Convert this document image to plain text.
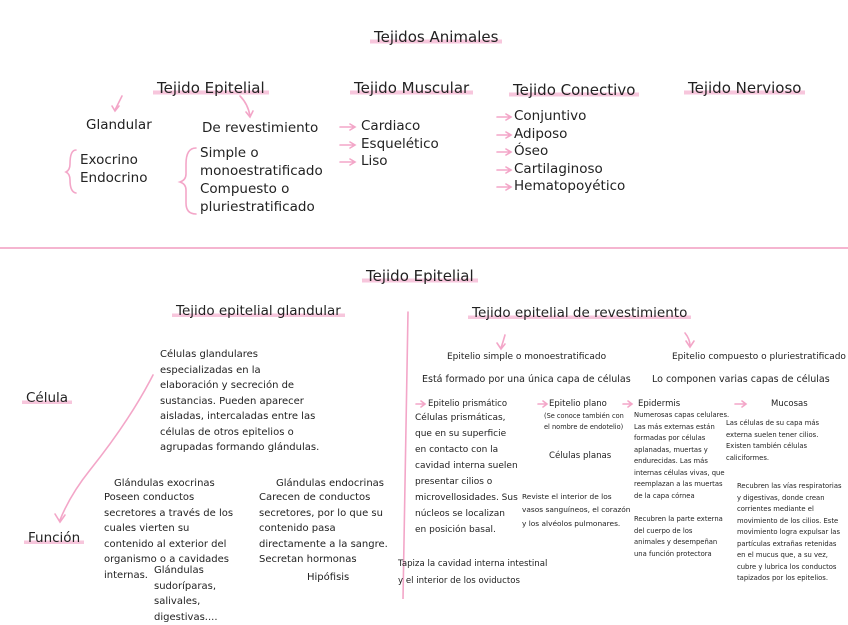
Tejidos Animales
Tejido Epitelial	Tejido Muscular	Tejido Conectivo	Tejido Nervioso
Glandular
Exocrino
Endocrino
De revestimiento
Simple o
monoestratificado
Compuesto o
pluriestratificado
Cardiaco
Esquelético
Liso
Conjuntivo
Adiposo
Óseo
Cartilaginoso
Hematopoyético
Tejido Epitelial
Célula
Función
Tejido epitelial glandular
Células glandulares especializadas en la elaboración y secreción de sustancias. Pueden aparecer aisladas, intercaladas entre las células de otros epitelios o agrupadas formando glándulas.
Glándulas exocrinas
Poseen conductos secretores a través de los cuales vierten su contenido al exterior del organismo o a cavidades internas. Glándulas sudoríparas, salivales, digestivas....
Glándulas endocrinas
Carecen de conductos secretores, por lo que su contenido pasa directamente a la sangre. Secretan hormonas
Hipófisis
Tejido epitelial de revestimiento
Epitelio simple o monoestratificado
Está formado por una única capa de células
Epitelio prismático
Células prismáticas, que en su superficie en contacto con la cavidad interna suelen presentar cilios o microvellosidades. Sus núcleos se localizan en posición basal.
Tapiza la cavidad interna intestinal y el interior de los oviductos
Epitelio plano
(Se conoce también con el nombre de endotelio)
Células planas
Reviste el interior de los vasos sanguíneos, el corazón y los alvéolos pulmonares.
Epitelio compuesto o pluriestratificado
Lo componen varias capas de células
Epidermis
Numerosas capas celulares. Las más externas están formadas por células aplanadas, muertas y endurecidas. Las más internas células vivas, que reemplazan a las muertas de la capa córnea
Recubren la parte externa del cuerpo de los animales y desempeñan una función protectora
Mucosas
Las células de su capa más externa suelen tener cilios. Existen también células caliciformes.
Recubren las vías respiratorias y digestivas, donde crean corrientes mediante el movimiento de los cilios. Este movimiento logra expulsar las partículas extrañas retenidas en el mucus que, a su vez, cubre y lubrica los conductos tapizados por los epitelios.
